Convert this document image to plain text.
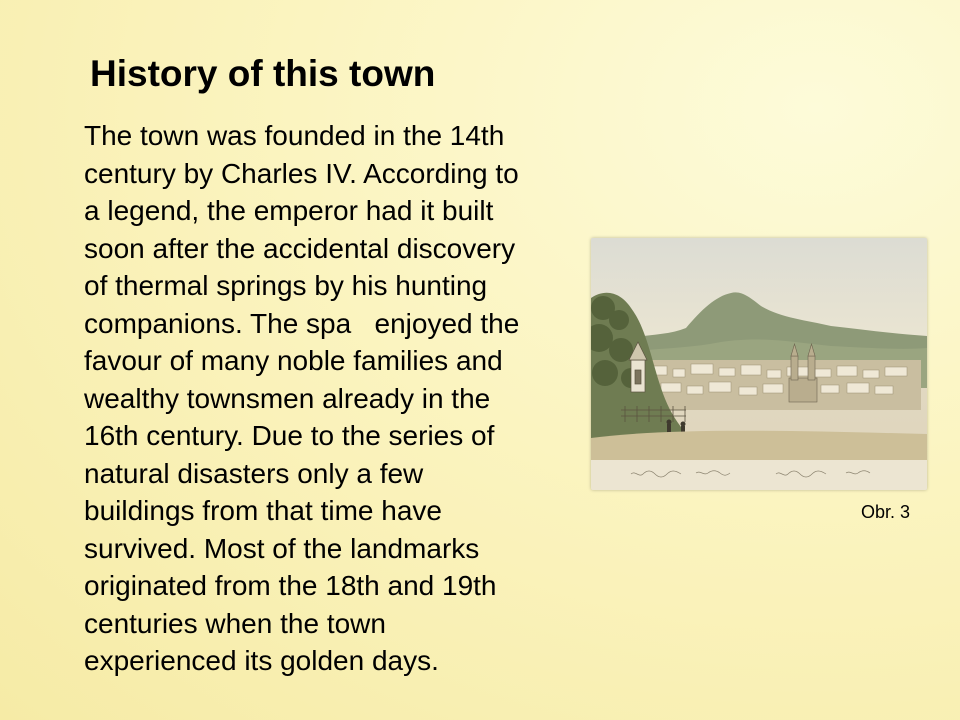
History of this town

The town was founded in the 14th
century by Charles IV. According to
a legend, the emperor had it built
soon after the accidental discovery
of thermal springs by his hunting
companions. The spa   enjoyed the
favour of many noble families and
wealthy townsmen already in the
16th century. Due to the series of
natural disasters only a few
buildings from that time have
survived. Most of the landmarks
originated from the 18th and 19th
centuries when the town
experienced its golden days.

Obr. 3
